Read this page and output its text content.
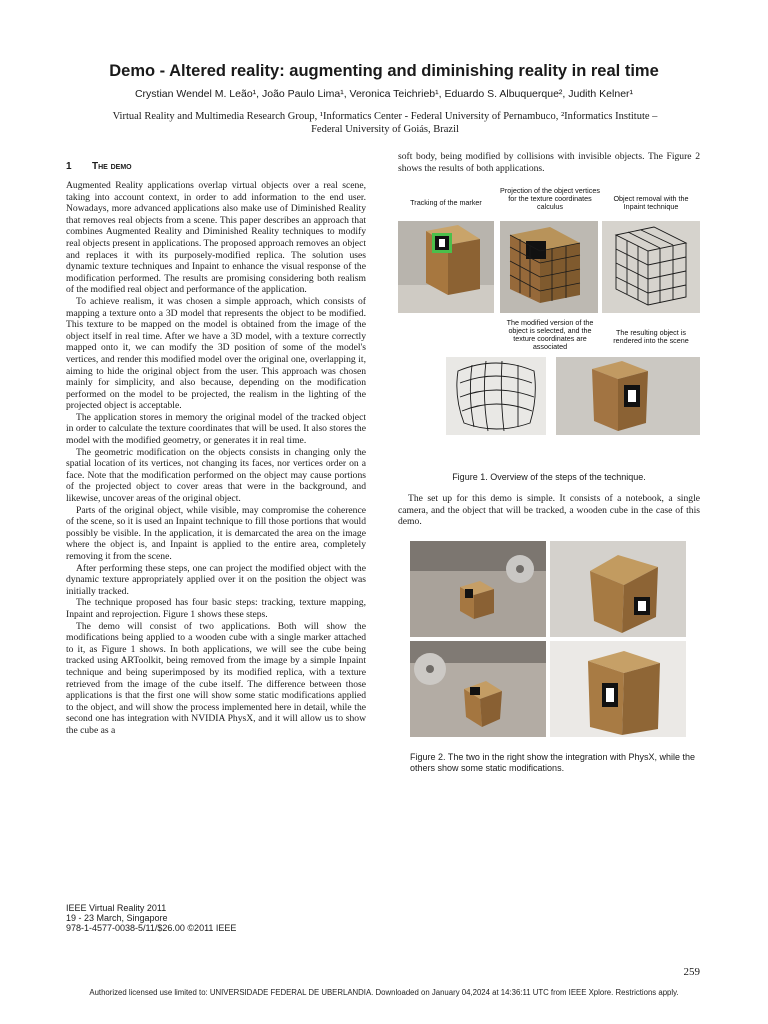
Demo - Altered reality: augmenting and diminishing reality in real time
Crystian Wendel M. Leão¹, João Paulo Lima¹, Veronica Teichrieb¹, Eduardo S. Albuquerque², Judith Kelner¹
Virtual Reality and Multimedia Research Group, ¹Informatics Center - Federal University of Pernambuco, ²Informatics Institute –
Federal University of Goiás, Brazil
1 The demo

Augmented Reality applications overlap virtual objects over a real scene, taking into account context, in order to add information to the end user. Nowadays, more advanced applications also make use of Diminished Reality that removes real objects from a scene. This paper describes an approach that combines Augmented Reality and Diminished Reality techniques to modify real objects present in applications. The proposed approach removes an object and replaces it with its purposely-modified replica. The solution uses dynamic texture techniques and Inpaint to enhance the visual response of the modification performed. The results are promising considering both realism of the modified real object and performance of the application.

To achieve realism, it was chosen a simple approach, which consists of mapping a texture onto a 3D model that represents the object to be modified. This texture to be mapped on the model is obtained from the image of the object itself in real time. After we have a 3D model, with a texture correctly mapped onto it, we can modify the 3D position of some of the model's vertices, and render this modified model over the original one, overlapping it, aiming to hide the original object from the user. This approach was chosen mainly for simplicity, and also because, depending on the modification performed on the model to be projected, the realism in the lighting of the projected object is acceptable.

The application stores in memory the original model of the tracked object in order to calculate the texture coordinates that will be used. It also stores the model with the modified geometry, or generates it in real time.

The geometric modification on the objects consists in changing only the spatial location of its vertices, not changing its faces, nor vertices order on a face. Note that the modification performed on the object may cause portions of the projected object to cover areas that were in the background, and likewise, uncover areas of the original object.

Parts of the original object, while visible, may compromise the coherence of the scene, so it is used an Inpaint technique to fill those portions that would possibly be visible. In the application, it is demarcated the area on the image where the object is, and Inpaint is applied to the entire area, completely removing it from the scene.

After performing these steps, one can project the modified object with the dynamic texture appropriately applied over it on the position the object was initially tracked.

The technique proposed has four basic steps: tracking, texture mapping, Inpaint and reprojection. Figure 1 shows these steps.

The demo will consist of two applications. Both will show the modifications being applied to a wooden cube with a single marker attached to it, as Figure 1 shows. In both applications, we will see the cube being tracked using ARToolkit, being removed from the image by a simple Inpaint technique and being superimposed by its modified replica, with a texture retrieved from the image of the cube itself. The difference between those applications is that the first one will show some static modifications applied to the object, and will show the process implemented here in detail, while the second one has integration with NVIDIA PhysX, and it will allow us to show the cube as a

soft body, being modified by collisions with invisible objects. The Figure 2 shows the results of both applications.

Tracking of the marker
Projection of the object vertices for the texture coordinates calculus
Object removal with the Inpaint technique
The modified version of the object is selected, and the texture coordinates are associated
The resulting object is rendered into the scene
Figure 1. Overview of the steps of the technique.

The set up for this demo is simple. It consists of a notebook, a single camera, and the object that will be tracked, a wooden cube in the case of this demo.

Figure 2. The two in the right show the integration with PhysX, while the others show some static modifications.
IEEE Virtual Reality 2011
19 - 23 March, Singapore
978-1-4577-0038-5/11/$26.00 ©2011 IEEE
259
Authorized licensed use limited to: UNIVERSIDADE FEDERAL DE UBERLANDIA. Downloaded on January 04,2024 at 14:36:11 UTC from IEEE Xplore. Restrictions apply.
